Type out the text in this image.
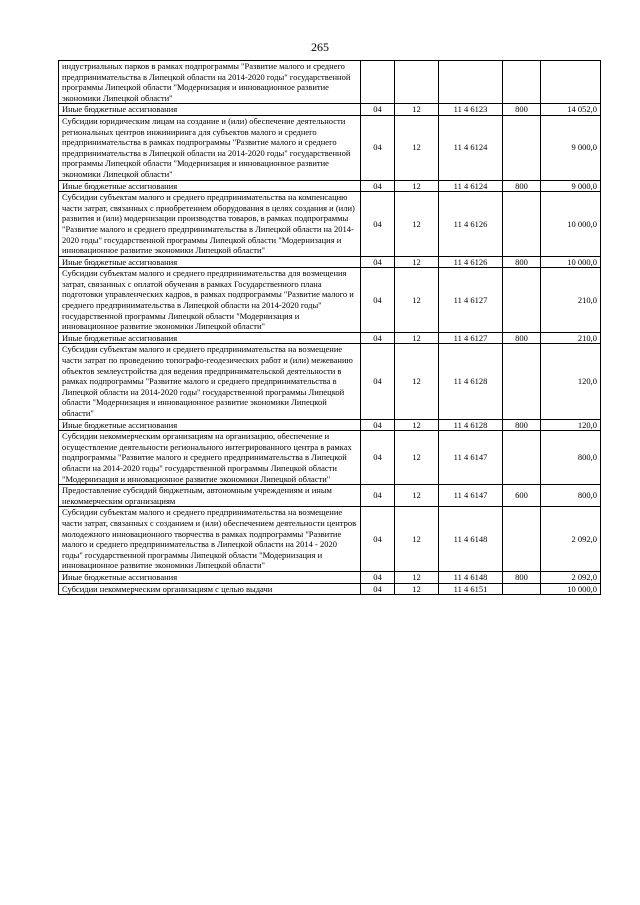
265
индустриальных парков в рамках подпрограммы "Развитие малого и среднего предпринимательства в Липецкой области на 2014-2020 годы" государственной программы Липецкой области "Модернизация и инновационное развитие экономики Липецкой области"					
Иные бюджетные ассигнования	04	12	11 4 6123	800	14 052,0
Субсидии юридическим лицам на создание и (или) обеспечение деятельности региональных центров инжиниринга для субъектов малого и среднего предпринимательства в рамках подпрограммы "Развитие малого и среднего предпринимательства в Липецкой области на 2014-2020 годы" государственной программы Липецкой области "Модернизация и инновационное развитие экономики Липецкой области"	04	12	11 4 6124		9 000,0
Иные бюджетные ассигнования	04	12	11 4 6124	800	9 000,0
Субсидии субъектам малого и среднего предпринимательства на компенсацию части затрат, связанных с приобретением оборудования в целях создания и (или) развития и (или) модернизации производства товаров, в рамках подпрограммы "Развитие малого и среднего предпринимательства в Липецкой области на 2014-2020 годы" государственной программы Липецкой области "Модернизация и инновационное развитие экономики Липецкой области"	04	12	11 4 6126		10 000,0
Иные бюджетные ассигнования	04	12	11 4 6126	800	10 000,0
Субсидии субъектам малого и среднего предпринимательства для возмещения затрат, связанных с оплатой обучения в рамках Государственного плана подготовки управленческих кадров, в рамках подпрограммы "Развитие малого и среднего предпринимательства в Липецкой области на 2014-2020 годы" государственной программы Липецкой области "Модернизация и инновационное развитие экономики Липецкой области"	04	12	11 4 6127		210,0
Иные бюджетные ассигнования	04	12	11 4 6127	800	210,0
Субсидии субъектам малого и среднего предпринимательства на возмещение части затрат по проведению топографо-геодезических работ и (или) межеванию объектов землеустройства для ведения предпринимательской деятельности в рамках подпрограммы "Развитие малого и среднего предпринимательства в Липецкой области на 2014-2020 годы" государственной программы Липецкой области "Модернизация и инновационное развитие экономики Липецкой области"	04	12	11 4 6128		120,0
Иные бюджетные ассигнования	04	12	11 4 6128	800	120,0
Субсидии некоммерческим организациям на организацию, обеспечение и осуществление деятельности регионального интегрированного центра в рамках подпрограммы "Развитие малого и среднего предпринимательства в Липецкой области на 2014-2020 годы" государственной программы Липецкой области "Модернизация и инновационное развитие экономики Липецкой области"	04	12	11 4 6147		800,0
Предоставление субсидий бюджетным, автономным учреждениям и иным некоммерческим организациям	04	12	11 4 6147	600	800,0
Субсидии субъектам малого и среднего предпринимательства на возмещение части затрат, связанных с созданием и (или) обеспечением деятельности центров молодежного инновационного творчества в рамках подпрограммы "Развитие малого и среднего предпринимательства в Липецкой области на 2014 - 2020 годы" государственной программы Липецкой области "Модернизация и инновационное развитие экономики Липецкой области"	04	12	11 4 6148		2 092,0
Иные бюджетные ассигнования	04	12	11 4 6148	800	2 092,0
Субсидии некоммерческим организациям с целью выдачи	04	12	11 4 6151		10 000,0
